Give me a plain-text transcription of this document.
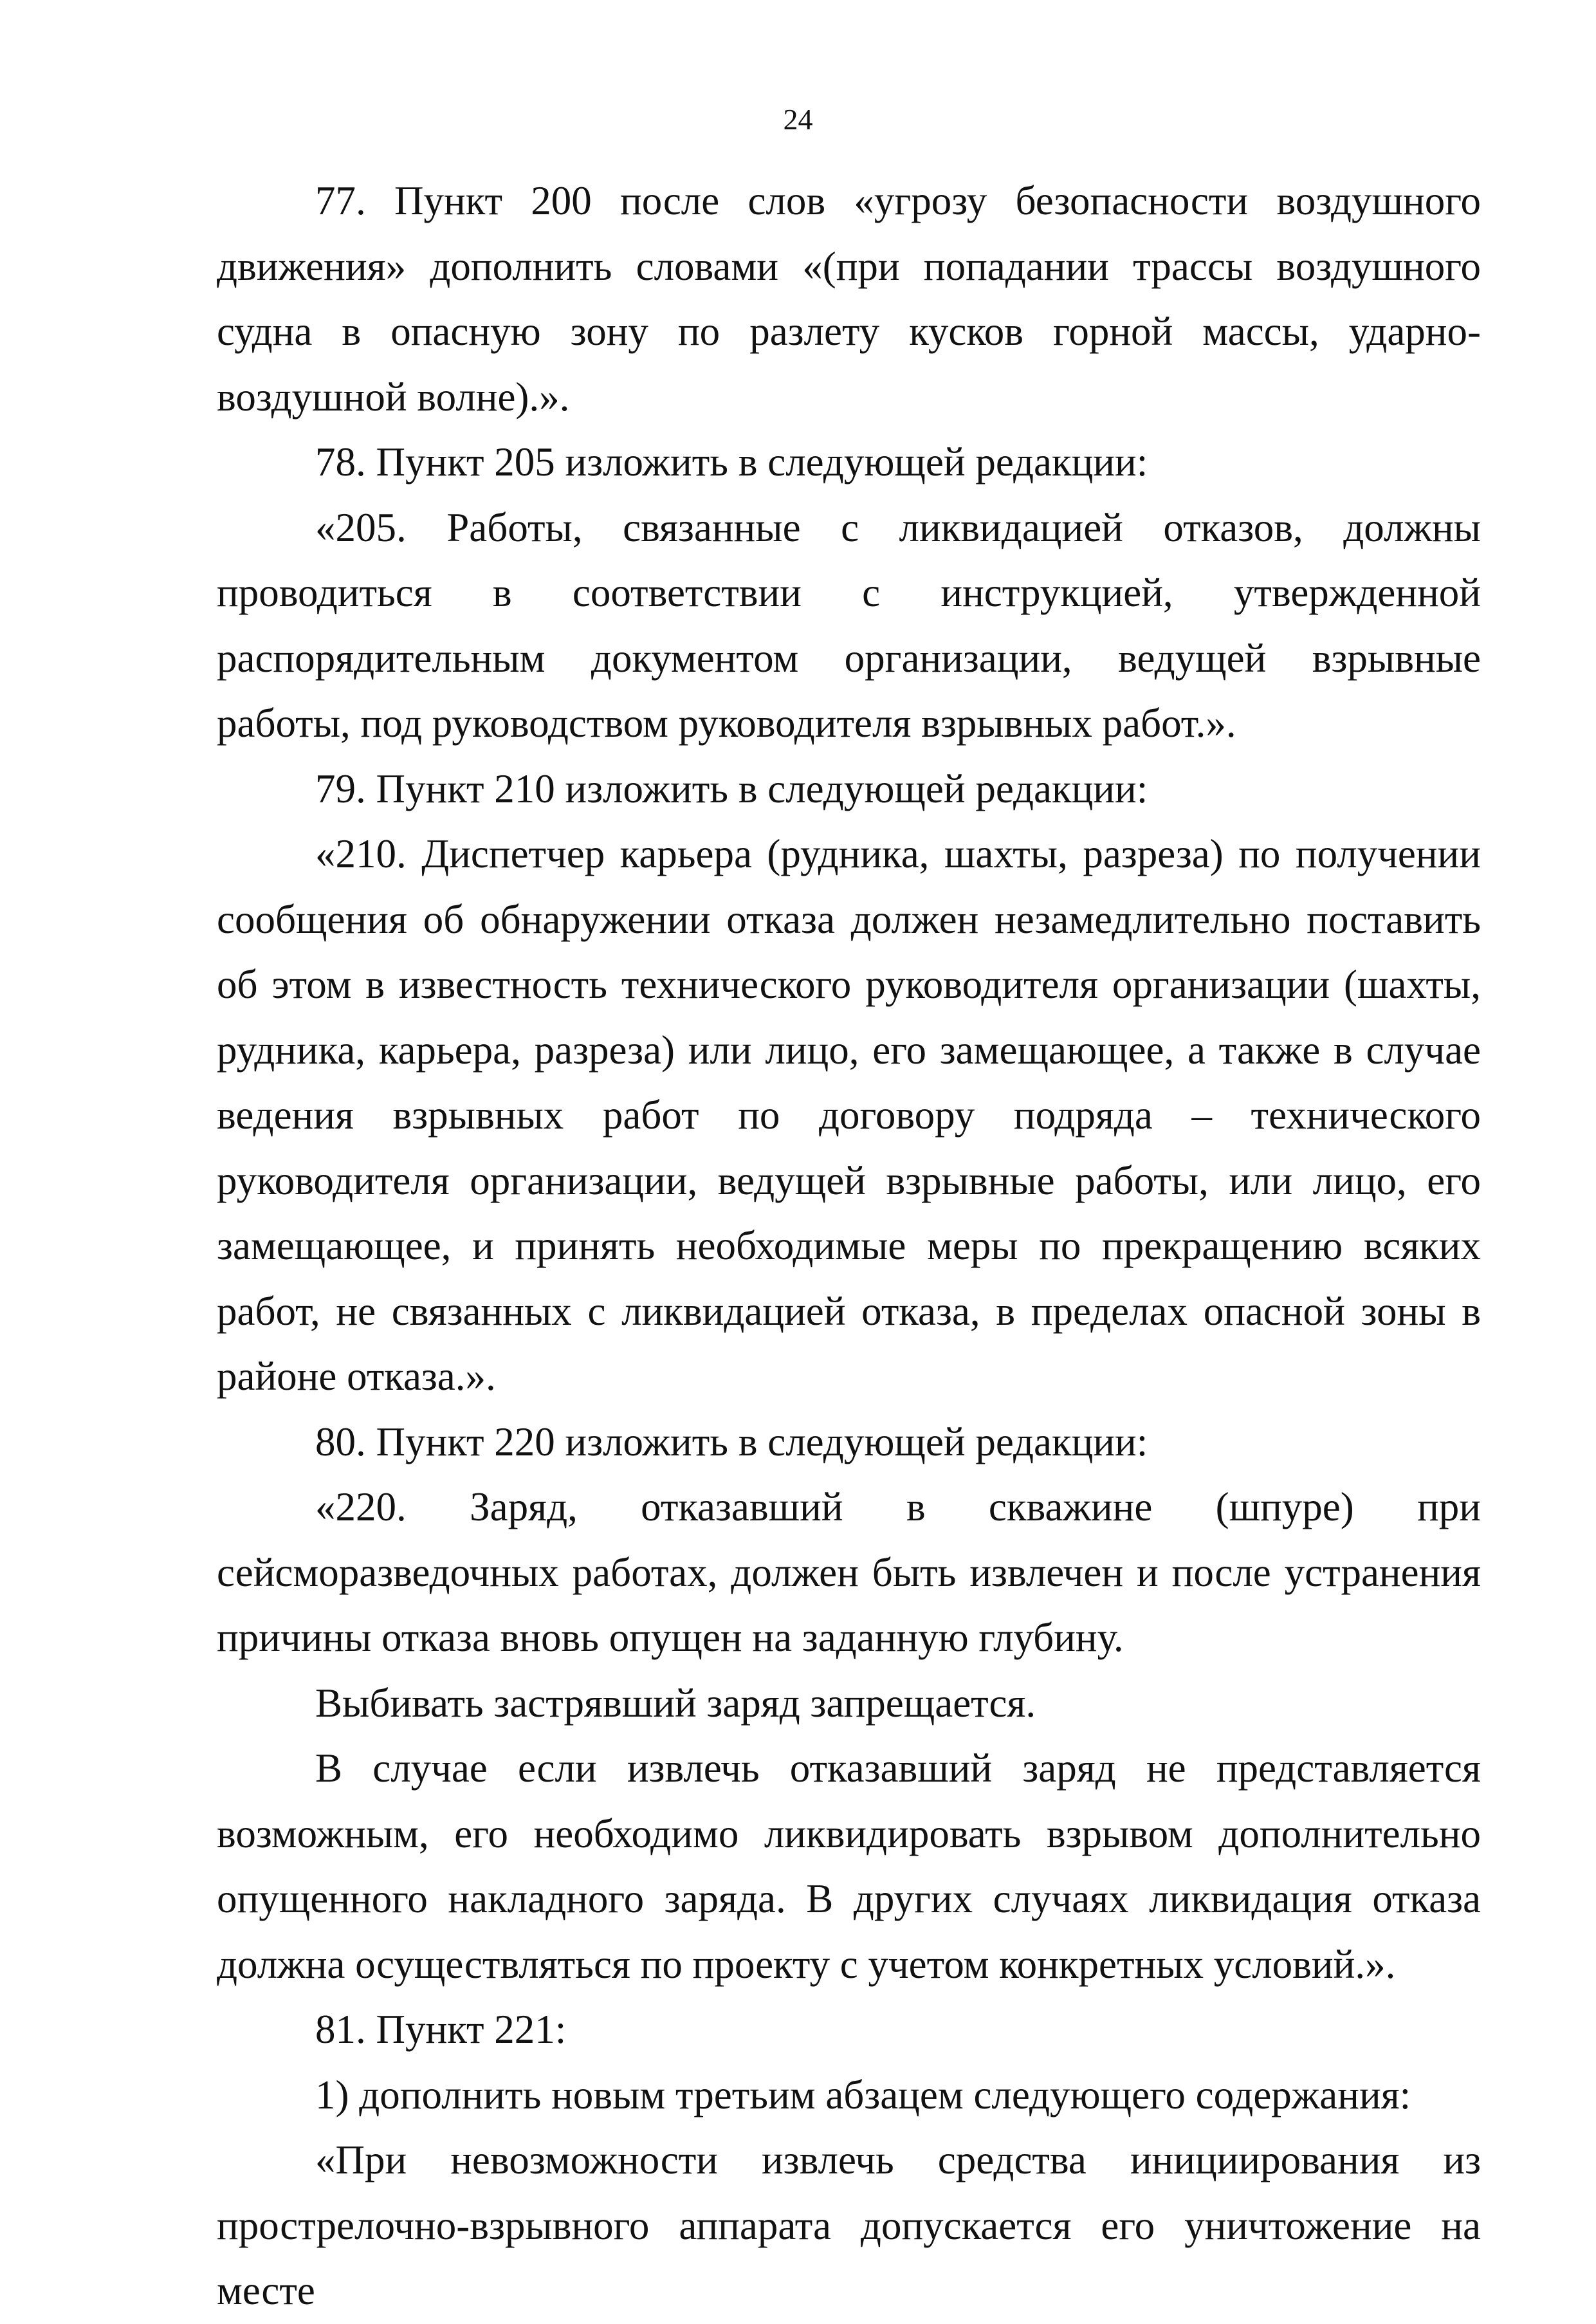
24

77. Пункт 200 после слов «угрозу безопасности воздушного движения» дополнить словами «(при попадании трассы воздушного судна в опасную зону по разлету кусков горной массы, ударно-воздушной волне).».

78. Пункт 205 изложить в следующей редакции:

«205. Работы, связанные с ликвидацией отказов, должны проводиться в соответствии с инструкцией, утвержденной распорядительным документом организации, ведущей взрывные работы, под руководством руководителя взрывных работ.».

79. Пункт 210 изложить в следующей редакции:

«210. Диспетчер карьера (рудника, шахты, разреза) по получении сообщения об обнаружении отказа должен незамедлительно поставить об этом в известность технического руководителя организации (шахты, рудника, карьера, разреза) или лицо, его замещающее, а также в случае ведения взрывных работ по договору подряда – технического руководителя организации, ведущей взрывные работы, или лицо, его замещающее, и принять необходимые меры по прекращению всяких работ, не связанных с ликвидацией отказа, в пределах опасной зоны в районе отказа.».

80. Пункт 220 изложить в следующей редакции:

«220. Заряд, отказавший в скважине (шпуре) при сейсморазведочных работах, должен быть извлечен и после устранения причины отказа вновь опущен на заданную глубину.

Выбивать застрявший заряд запрещается.

В случае если извлечь отказавший заряд не представляется возможным, его необходимо ликвидировать взрывом дополнительно опущенного накладного заряда. В других случаях ликвидация отказа должна осуществляться по проекту с учетом конкретных условий.».

81. Пункт 221:

1) дополнить новым третьим абзацем следующего содержания:

«При невозможности извлечь средства инициирования из прострелочно-взрывного аппарата допускается его уничтожение на месте
